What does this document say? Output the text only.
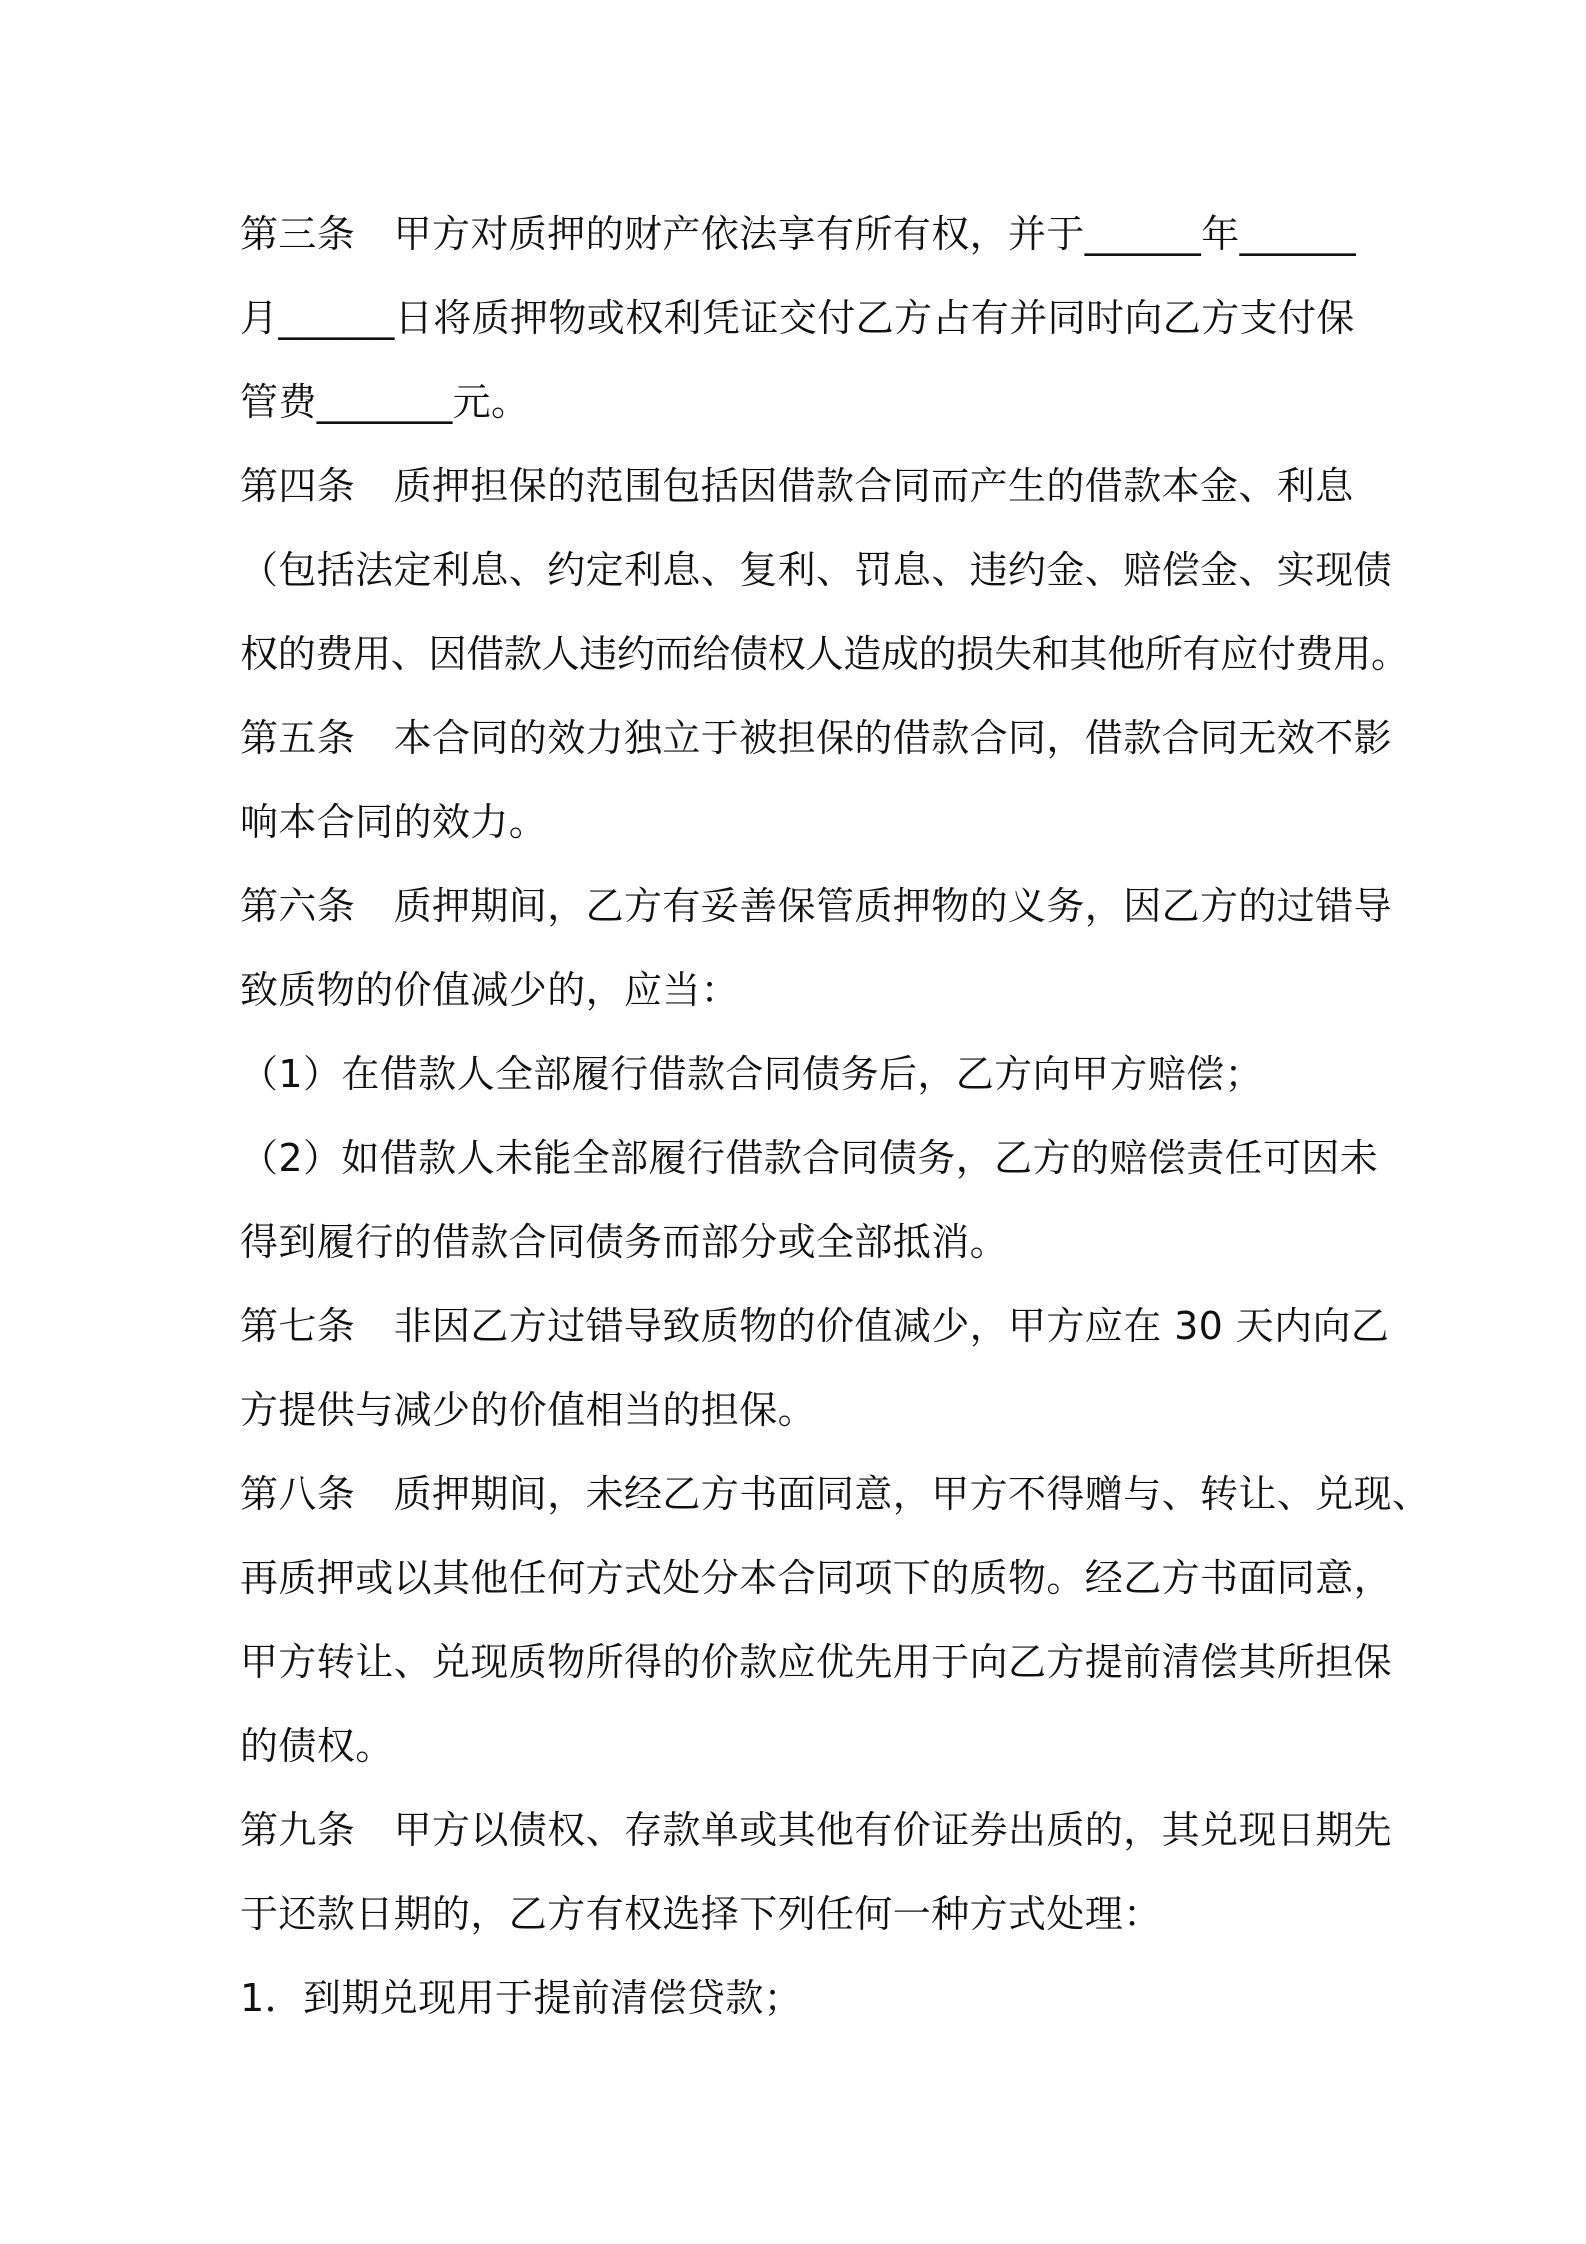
第三条　甲方对质押的财产依法享有所有权，并于______年______
月______日将质押物或权利凭证交付乙方占有并同时向乙方支付保
管费_______元。
第四条　质押担保的范围包括因借款合同而产生的借款本金、利息
（包括法定利息、约定利息、复利、罚息、违约金、赔偿金、实现债
权的费用、因借款人违约而给债权人造成的损失和其他所有应付费用。
第五条　本合同的效力独立于被担保的借款合同，借款合同无效不影
响本合同的效力。
第六条　质押期间，乙方有妥善保管质押物的义务，因乙方的过错导
致质物的价值减少的，应当：
（1）在借款人全部履行借款合同债务后，乙方向甲方赔偿；
（2）如借款人未能全部履行借款合同债务，乙方的赔偿责任可因未
得到履行的借款合同债务而部分或全部抵消。
第七条　非因乙方过错导致质物的价值减少，甲方应在 30 天内向乙
方提供与减少的价值相当的担保。
第八条　质押期间，未经乙方书面同意，甲方不得赠与、转让、兑现、
再质押或以其他任何方式处分本合同项下的质物。经乙方书面同意，
甲方转让、兑现质物所得的价款应优先用于向乙方提前清偿其所担保
的债权。
第九条　甲方以债权、存款单或其他有价证券出质的，其兑现日期先
于还款日期的，乙方有权选择下列任何一种方式处理：
1．到期兑现用于提前清偿贷款；
